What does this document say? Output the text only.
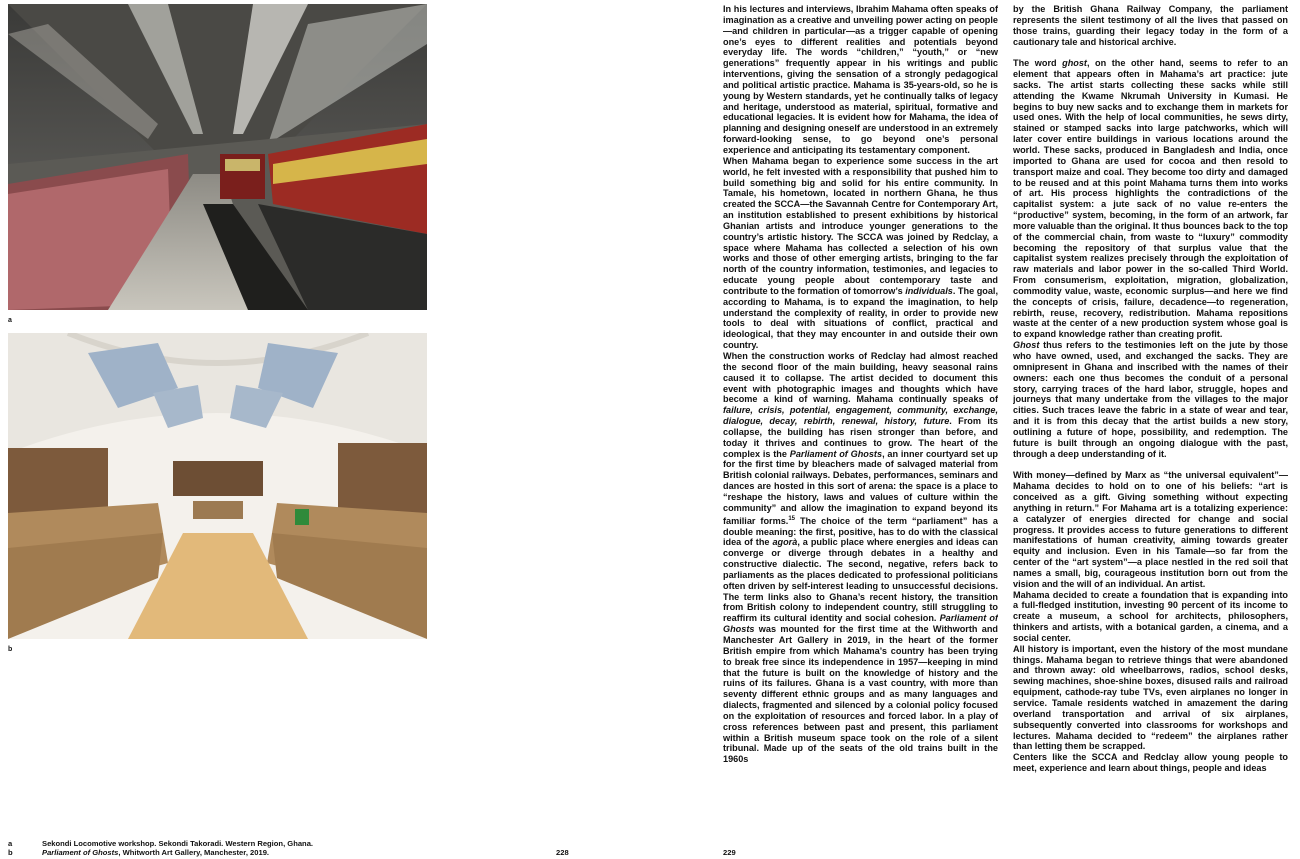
a
b
a	Sekondi Locomotive workshop. Sekondi Takoradi. Western Region, Ghana.
b	Parliament of Ghosts, Whitworth Art Gallery, Manchester, 2019.	228	229

In his lectures and interviews, Ibrahim Mahama often speaks of imagination as a creative and unveiling power acting on people—and children in particular—as a trigger capable of opening one’s eyes to different realities and potentials beyond everyday life. The words “children,” “youth,” or “new generations” frequently appear in his writings and public interventions, giving the sensation of a strongly pedagogical and political artistic practice. Mahama is 35-years-old, so he is young by Western standards, yet he continually talks of legacy and heritage, understood as material, spiritual, formative and educational legacies. It is evident how for Mahama, the idea of planning and designing oneself are understood in an extremely forward-looking sense, to go beyond one’s personal experience and anticipating its testamentary component.

When Mahama began to experience some success in the art world, he felt invested with a responsibility that pushed him to build something big and solid for his entire community. In Tamale, his hometown, located in northern Ghana, he thus created the SCCA—the Savannah Centre for Contemporary Art, an institution established to present exhibitions by historical Ghanian artists and introduce younger generations to the country’s artistic history. The SCCA was joined by Redclay, a space where Mahama has collected a selection of his own works and those of other emerging artists, bringing to the far north of the country information, testimonies, and legacies to educate young people about contemporary taste and contribute to the formation of tomorrow’s individuals. The goal, according to Mahama, is to expand the imagination, to help understand the complexity of reality, in order to provide new tools to deal with situations of conflict, practical and ideological, that they may encounter in and outside their own country.

When the construction works of Redclay had almost reached the second floor of the main building, heavy seasonal rains caused it to collapse. The artist decided to document this event with photographic images and thoughts which have become a kind of warning. Mahama continually speaks of failure, crisis, potential, engagement, community, exchange, dialogue, decay, rebirth, renewal, history, future. From its collapse, the building has risen stronger than before, and today it thrives and continues to grow. The heart of the complex is the Parliament of Ghosts, an inner courtyard set up for the first time by bleachers made of salvaged material from British colonial railways. Debates, performances, seminars and dances are hosted in this sort of arena: the space is a place to “reshape the history, laws and values of culture within the community” and allow the imagination to expand beyond its familiar forms.$^{15}$ The choice of the term “parliament” has a double meaning: the first, positive, has to do with the classical idea of the agorà, a public place where energies and ideas can converge or diverge through debates in a healthy and constructive dialectic. The second, negative, refers back to parliaments as the places dedicated to professional politicians often driven by self-interest leading to unsuccessful decisions. The term links also to Ghana’s recent history, the transition from British colony to independent country, still struggling to reaffirm its cultural identity and social cohesion. Parliament of Ghosts was mounted for the first time at the Withworth and Manchester Art Gallery in 2019, in the heart of the former British empire from which Mahama’s country has been trying to break free since its independence in 1957—keeping in mind that the future is built on the knowledge of history and the ruins of its failures. Ghana is a vast country, with more than seventy different ethnic groups and as many languages and dialects, fragmented and silenced by a colonial policy focused on the exploitation of resources and forced labor. In a play of cross references between past and present, this parliament within a British museum space took on the role of a silent tribunal. Made up of the seats of the old trains built in the 1960s

by the British Ghana Railway Company, the parliament represents the silent testimony of all the lives that passed on those trains, guarding their legacy today in the form of a cautionary tale and historical archive.

The word ghost, on the other hand, seems to refer to an element that appears often in Mahama’s art practice: jute sacks. The artist starts collecting these sacks while still attending the Kwame Nkrumah University in Kumasi. He begins to buy new sacks and to exchange them in markets for used ones. With the help of local communities, he sews dirty, stained or stamped sacks into large patchworks, which will later cover entire buildings in various locations around the world. These sacks, produced in Bangladesh and India, once imported to Ghana are used for cocoa and then resold to transport maize and coal. They become too dirty and damaged to be reused and at this point Mahama turns them into works of art. His process highlights the contradictions of the capitalist system: a jute sack of no value re-enters the “productive” system, becoming, in the form of an artwork, far more valuable than the original. It thus bounces back to the top of the commercial chain, from waste to “luxury” commodity becoming the repository of that surplus value that the capitalist system realizes precisely through the exploitation of raw materials and labor power in the so-called Third World. From consumerism, exploitation, migration, globalization, commodity value, waste, economic surplus—and here we find the concepts of crisis, failure, decadence—to regeneration, rebirth, reuse, recovery, redistribution. Mahama repositions waste at the center of a new production system whose goal is to expand knowledge rather than creating profit.

Ghost thus refers to the testimonies left on the jute by those who have owned, used, and exchanged the sacks. They are omnipresent in Ghana and inscribed with the names of their owners: each one thus becomes the conduit of a personal story, carrying traces of the hard labor, struggle, hopes and journeys that many undertake from the villages to the major cities. Such traces leave the fabric in a state of wear and tear, and it is from this decay that the artist builds a new story, outlining a future of hope, possibility, and redemption. The future is built through an ongoing dialogue with the past, through a deep understanding of it.

With money—defined by Marx as “the universal equivalent”—Mahama decides to hold on to one of his beliefs: “art is conceived as a gift. Giving something without expecting anything in return.” For Mahama art is a totalizing experience: a catalyzer of energies directed for change and social progress. It provides access to future generations to different manifestations of human creativity, aiming towards greater equity and inclusion. Even in his Tamale—so far from the center of the “art system”—a place nestled in the red soil that names a small, big, courageous institution born out from the vision and the will of an individual. An artist.

Mahama decided to create a foundation that is expanding into a full-fledged institution, investing 90 percent of its income to create a museum, a school for architects, philosophers, thinkers and artists, with a botanical garden, a cinema, and a social center.

All history is important, even the history of the most mundane things. Mahama began to retrieve things that were abandoned and thrown away: old wheelbarrows, radios, school desks, sewing machines, shoe-shine boxes, disused rails and railroad equipment, cathode-ray tube TVs, even airplanes no longer in service. Tamale residents watched in amazement the daring overland transportation and arrival of six airplanes, subsequently converted into classrooms for workshops and lectures. Mahama decided to “redeem” the airplanes rather than letting them be scrapped.

Centers like the SCCA and Redclay allow young people to meet, experience and learn about things, people and ideas
